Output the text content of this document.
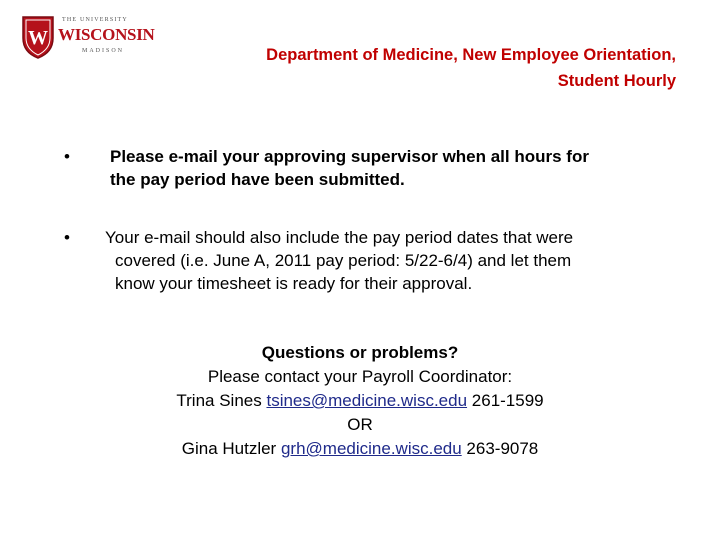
W
THE UNIVERSITY
WISCONSIN
MADISON	Department of Medicine, New Employee Orientation,
Student Hourly
• Please e-mail your approving supervisor when all hours for
the pay period have been submitted.
• Your e-mail should also include the pay period dates that were
covered (i.e. June A, 2011 pay period: 5/22-6/4) and let them
know your timesheet is ready for their approval.
Questions or problems?
Please contact your Payroll Coordinator:
Trina Sines tsines@medicine.wisc.edu 261-1599
OR
Gina Hutzler grh@medicine.wisc.edu 263-9078
